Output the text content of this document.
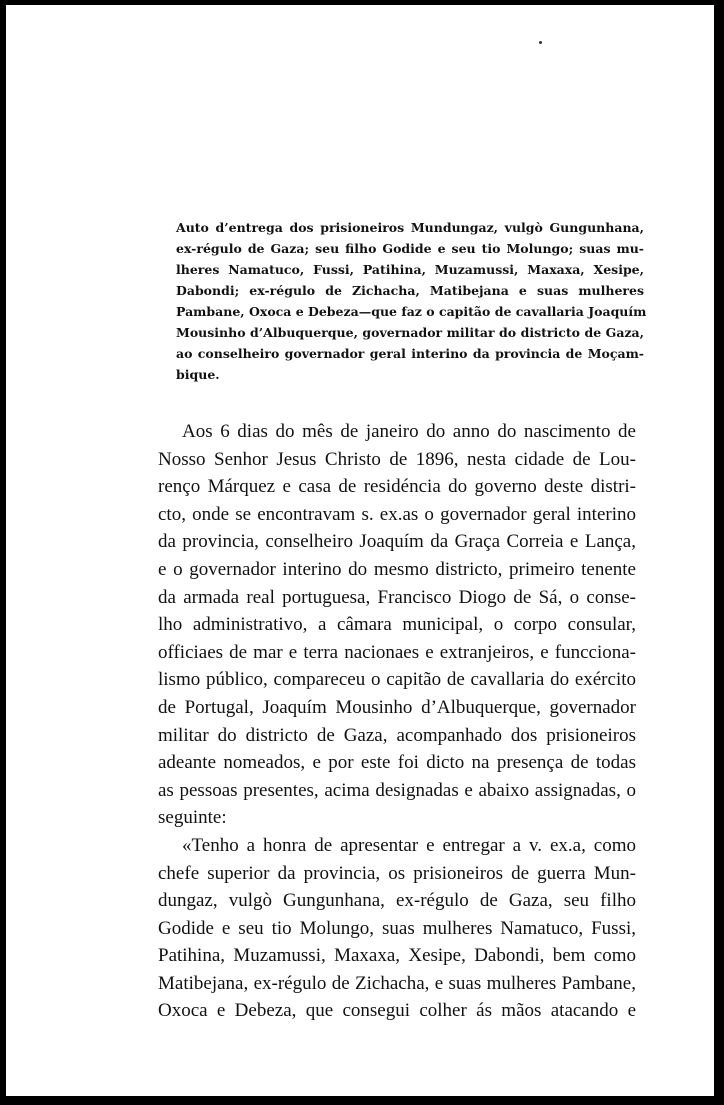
Auto d’entrega dos prisioneiros Mundungaz, vulgò Gungunhana,
ex-régulo de Gaza; seu filho Godide e seu tio Molungo; suas mu-
lheres Namatuco, Fussi, Patihina, Muzamussi, Maxaxa, Xesipe,
Dabondi; ex-régulo de Zichacha, Matibejana e suas mulheres
Pambane, Oxoca e Debeza—que faz o capitão de cavallaria Joaquím
Mousinho d’Albuquerque, governador militar do districto de Gaza,
ao conselheiro governador geral interino da provincia de Moçam-
bique.
Aos 6 dias do mês de janeiro do anno do nascimento de
Nosso Senhor Jesus Christo de 1896, nesta cidade de Lou-
renço Márquez e casa de residéncia do governo deste distri-
cto, onde se encontravam s. ex.as o governador geral interino
da provincia, conselheiro Joaquím da Graça Correia e Lança,
e o governador interino do mesmo districto, primeiro tenente
da armada real portuguesa, Francisco Diogo de Sá, o conse-
lho administrativo, a câmara municipal, o corpo consular,
officiaes de mar e terra nacionaes e extranjeiros, e funcciona-
lismo público, compareceu o capitão de cavallaria do exército
de Portugal, Joaquím Mousinho d’Albuquerque, governador
militar do districto de Gaza, acompanhado dos prisioneiros
adeante nomeados, e por este foi dicto na presença de todas
as pessoas presentes, acima designadas e abaixo assignadas, o
seguinte:
«Tenho a honra de apresentar e entregar a v. ex.a, como
chefe superior da provincia, os prisioneiros de guerra Mun-
dungaz, vulgò Gungunhana, ex-régulo de Gaza, seu filho
Godide e seu tio Molungo, suas mulheres Namatuco, Fussi,
Patihina, Muzamussi, Maxaxa, Xesipe, Dabondi, bem como
Matibejana, ex-régulo de Zichacha, e suas mulheres Pambane,
Oxoca e Debeza, que consegui colher ás mãos atacando e
